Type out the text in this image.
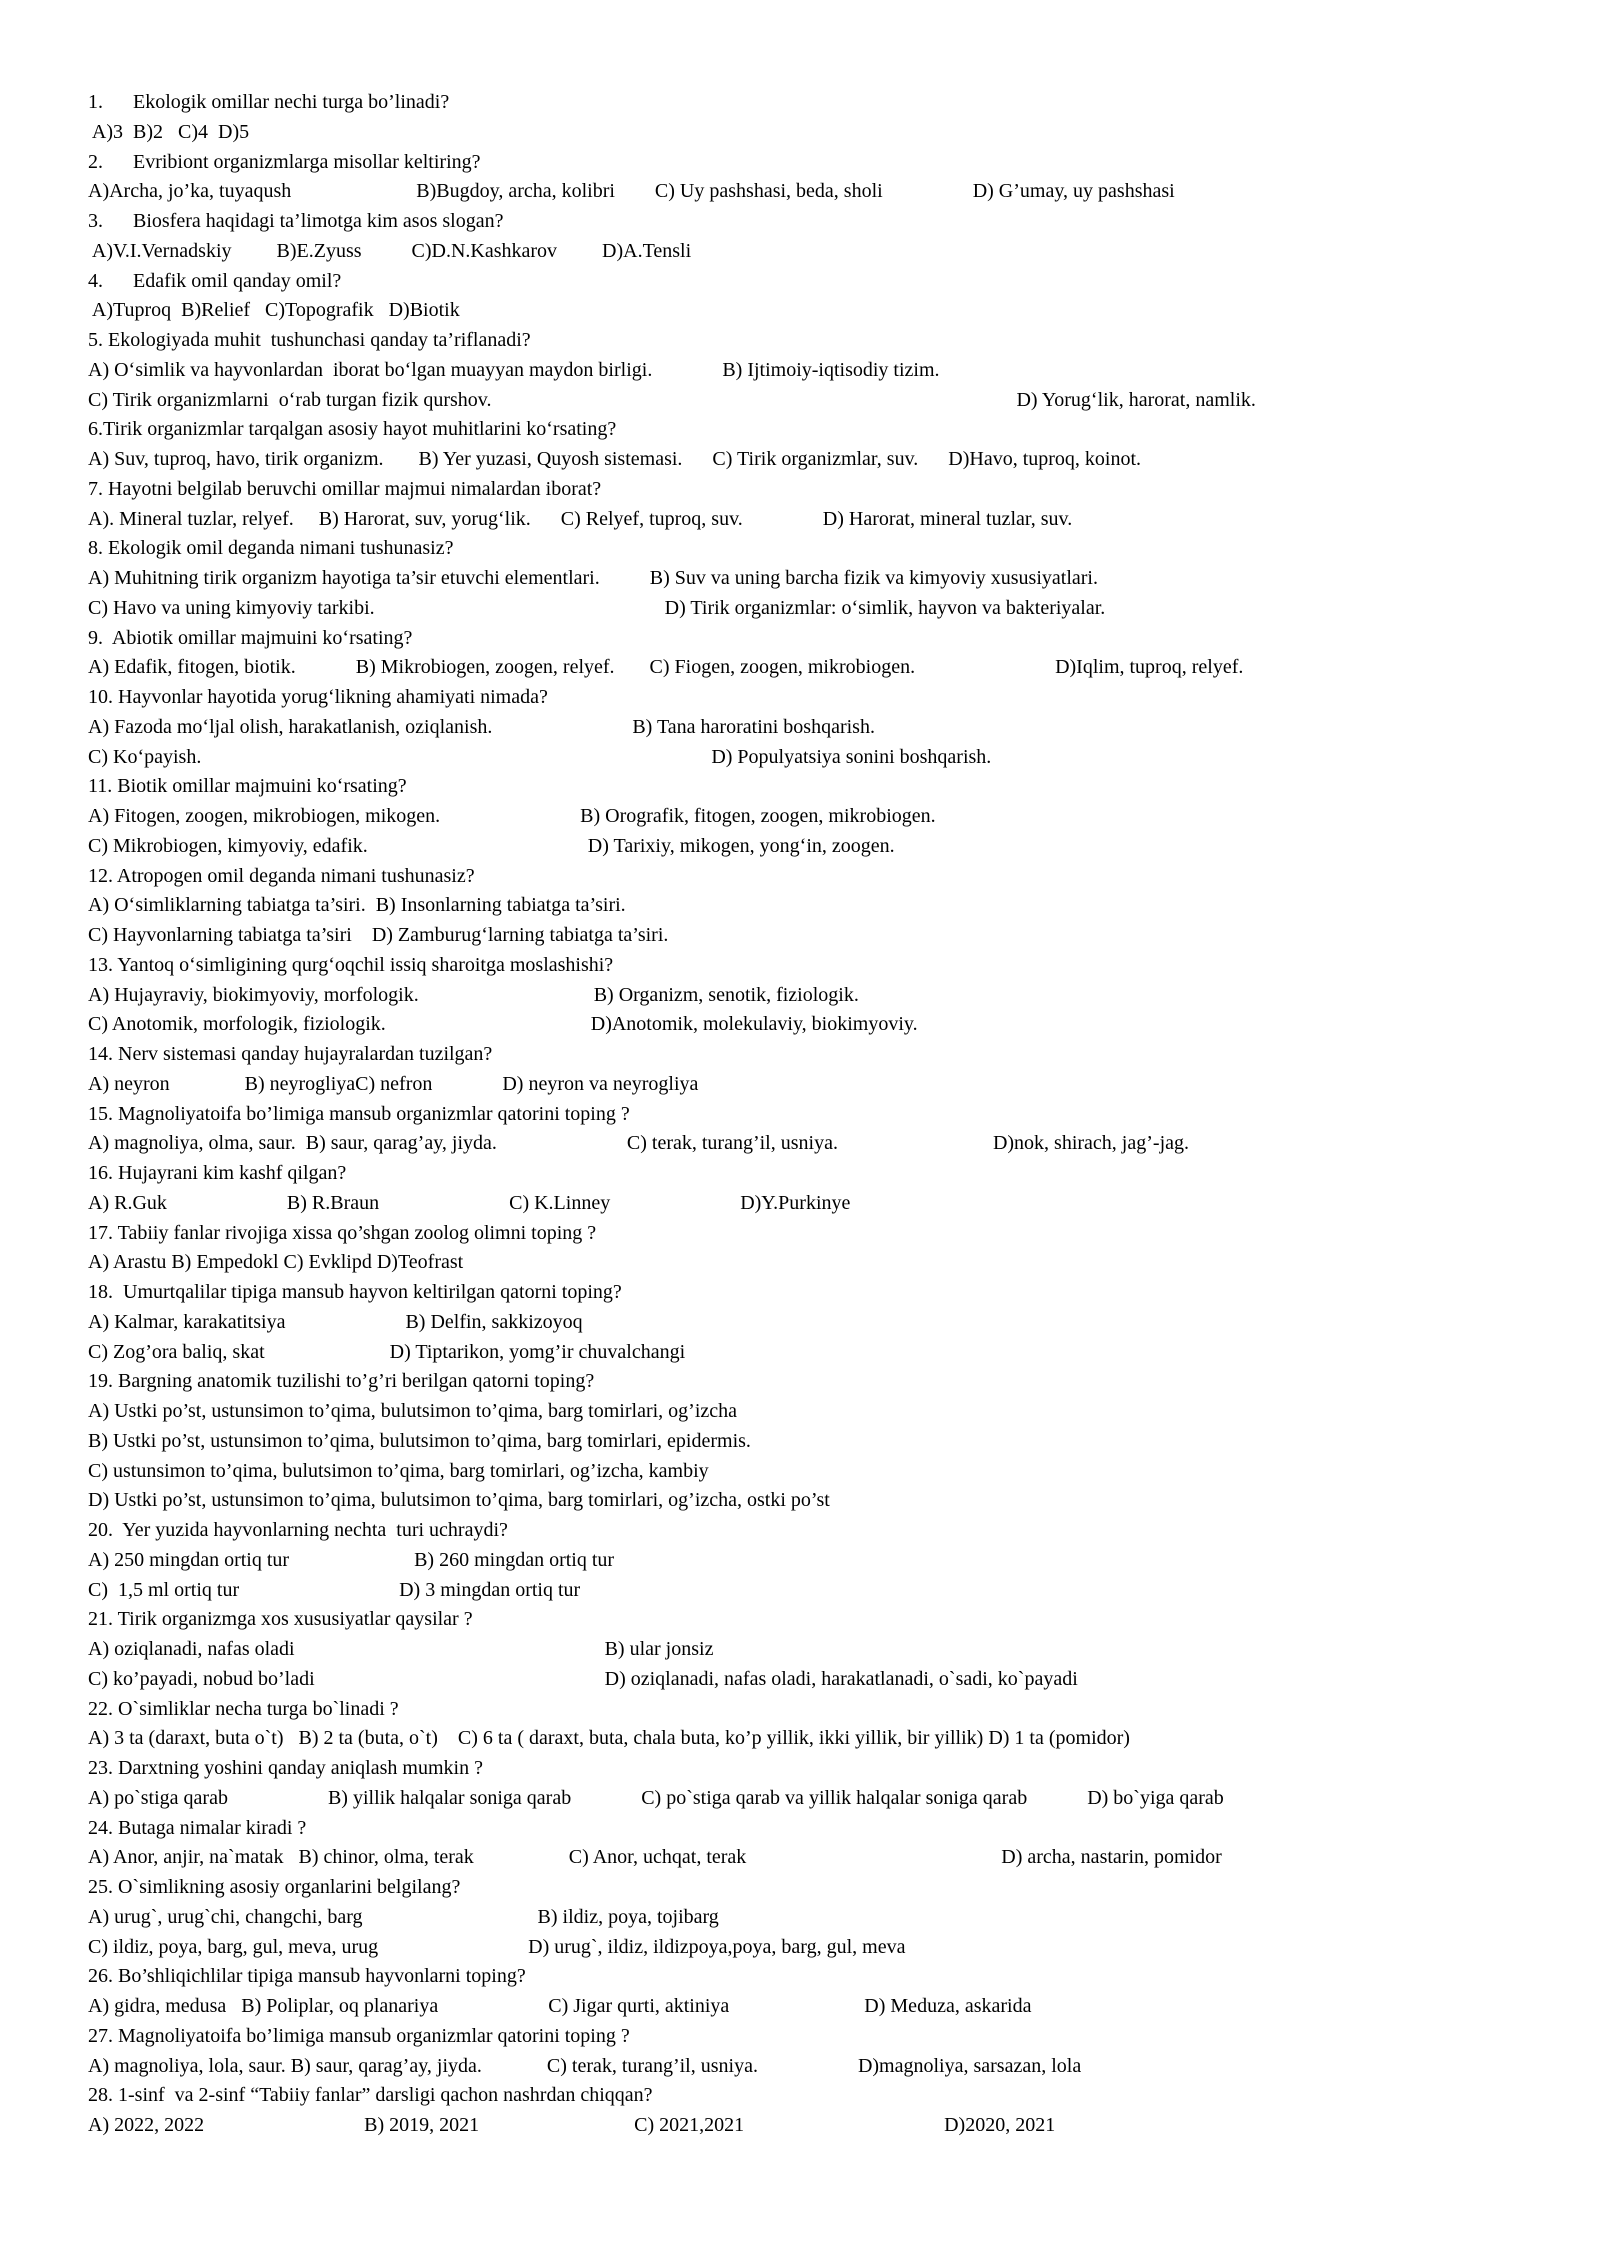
1.      Ekologik omillar nechi turga bo’linadi?

A)3  B)2   C)4  D)5

2.      Evribiont organizmlarga misollar keltiring?

A)Archa, jo’ka, tuyaqush                         B)Bugdoy, archa, kolibri        C) Uy pashshasi, beda, sholi                  D) G’umay, uy pashshasi

3.      Biosfera haqidagi ta’limotga kim asos slogan?

A)V.I.Vernadskiy         B)E.Zyuss          C)D.N.Kashkarov         D)A.Tensli

4.      Edafik omil qanday omil?

A)Tuproq  B)Relief   C)Topografik   D)Biotik

5. Ekologiyada muhit  tushunchasi qanday ta’riflanadi?

A) Oʻsimlik va hayvonlardan  iborat boʻlgan muayyan maydon birligi.              B) Ijtimoiy-iqtisodiy tizim.

C) Tirik organizmlarni  oʻrab turgan fizik qurshov.                                                                                                         D) Yorugʻlik, harorat, namlik.

6.Tirik organizmlar tarqalgan asosiy hayot muhitlarini koʻrsating?

A) Suv, tuproq, havo, tirik organizm.       B) Yer yuzasi, Quyosh sistemasi.      C) Tirik organizmlar, suv.      D)Havo, tuproq, koinot.

7. Hayotni belgilab beruvchi omillar majmui nimalardan iborat?

A). Mineral tuzlar, relyef.     B) Harorat, suv, yorugʻlik.      C) Relyef, tuproq, suv.                D) Harorat, mineral tuzlar, suv.

8. Ekologik omil deganda nimani tushunasiz?

A) Muhitning tirik organizm hayotiga ta’sir etuvchi elementlari.          B) Suv va uning barcha fizik va kimyoviy xususiyatlari.

C) Havo va uning kimyoviy tarkibi.                                                          D) Tirik organizmlar: oʻsimlik, hayvon va bakteriyalar.

9.  Abiotik omillar majmuini koʻrsating?

A) Edafik, fitogen, biotik.            B) Mikrobiogen, zoogen, relyef.       C) Fiogen, zoogen, mikrobiogen.                            D)Iqlim, tuproq, relyef.

10. Hayvonlar hayotida yorugʻlikning ahamiyati nimada?

A) Fazoda moʻljal olish, harakatlanish, oziqlanish.                            B) Tana haroratini boshqarish.

C) Koʻpayish.                                                                                                      D) Populyatsiya sonini boshqarish.

11. Biotik omillar majmuini koʻrsating?

A) Fitogen, zoogen, mikrobiogen, mikogen.                            B) Orografik, fitogen, zoogen, mikrobiogen.

C) Mikrobiogen, kimyoviy, edafik.                                            D) Tarixiy, mikogen, yongʻin, zoogen.

12. Atropogen omil deganda nimani tushunasiz?

A) Oʻsimliklarning tabiatga ta’siri.  B) Insonlarning tabiatga ta’siri.

C) Hayvonlarning tabiatga ta’siri    D) Zamburugʻlarning tabiatga ta’siri.

13. Yantoq oʻsimligining qurgʻoqchil issiq sharoitga moslashishi?

A) Hujayraviy, biokimyoviy, morfologik.                                   B) Organizm, senotik, fiziologik.

C) Anotomik, morfologik, fiziologik.                                         D)Anotomik, molekulaviy, biokimyoviy.

14. Nerv sistemasi qanday hujayralardan tuzilgan?

A) neyron               B) neyrogliyaC) nefron              D) neyron va neyrogliya

15. Magnoliyatoifa bo’limiga mansub organizmlar qatorini toping ?

A) magnoliya, olma, saur.  B) saur, qarag’ay, jiyda.                          C) terak, turang’il, usniya.                               D)nok, shirach, jag’-jag.

16. Hujayrani kim kashf qilgan?

A) R.Guk                        B) R.Braun                          C) K.Linney                          D)Y.Purkinye

17. Tabiiy fanlar rivojiga xissa qo’shgan zoolog olimni toping ?

A) Arastu B) Empedokl C) Evklipd D)Teofrast

18.  Umurtqalilar tipiga mansub hayvon keltirilgan qatorni toping?

A) Kalmar, karakatitsiya                        B) Delfin, sakkizoyoq

C) Zog’ora baliq, skat                         D) Tiptarikon, yomg’ir chuvalchangi

19. Bargning anatomik tuzilishi to’g’ri berilgan qatorni toping?

A) Ustki po’st, ustunsimon to’qima, bulutsimon to’qima, barg tomirlari, og’izcha

B) Ustki po’st, ustunsimon to’qima, bulutsimon to’qima, barg tomirlari, epidermis.

C) ustunsimon to’qima, bulutsimon to’qima, barg tomirlari, og’izcha, kambiy

D) Ustki po’st, ustunsimon to’qima, bulutsimon to’qima, barg tomirlari, og’izcha, ostki po’st

20.  Yer yuzida hayvonlarning nechta  turi uchraydi?

A) 250 mingdan ortiq tur                         B) 260 mingdan ortiq tur

C)  1,5 ml ortiq tur                                D) 3 mingdan ortiq tur

21. Tirik organizmga xos xususiyatlar qaysilar ?

A) oziqlanadi, nafas oladi                                                              B) ular jonsiz

C) ko’payadi, nobud bo’ladi                                                          D) oziqlanadi, nafas oladi, harakatlanadi, o`sadi, ko`payadi

22. O`simliklar necha turga bo`linadi ?

A) 3 ta (daraxt, buta o`t)   B) 2 ta (buta, o`t)    C) 6 ta ( daraxt, buta, chala buta, ko’p yillik, ikki yillik, bir yillik) D) 1 ta (pomidor)

23. Darxtning yoshini qanday aniqlash mumkin ?

A) po`stiga qarab                    B) yillik halqalar soniga qarab              C) po`stiga qarab va yillik halqalar soniga qarab            D) bo`yiga qarab

24. Butaga nimalar kiradi ?

A) Anor, anjir, na`matak   B) chinor, olma, terak                   C) Anor, uchqat, terak                                                   D) archa, nastarin, pomidor

25. O`simlikning asosiy organlarini belgilang?

A) urug`, urug`chi, changchi, barg                                   B) ildiz, poya, tojibarg

C) ildiz, poya, barg, gul, meva, urug                              D) urug`, ildiz, ildizpoya,poya, barg, gul, meva

26. Bo’shliqichlilar tipiga mansub hayvonlarni toping?

A) gidra, medusa   B) Poliplar, oq planariya                      C) Jigar qurti, aktiniya                           D) Meduza, askarida

27. Magnoliyatoifa bo’limiga mansub organizmlar qatorini toping ?

A) magnoliya, lola, saur. B) saur, qarag’ay, jiyda.             C) terak, turang’il, usniya.                    D)magnoliya, sarsazan, lola

28. 1-sinf  va 2-sinf “Tabiiy fanlar” darsligi qachon nashrdan chiqqan?

A) 2022, 2022                                B) 2019, 2021                               C) 2021,2021                                        D)2020, 2021
